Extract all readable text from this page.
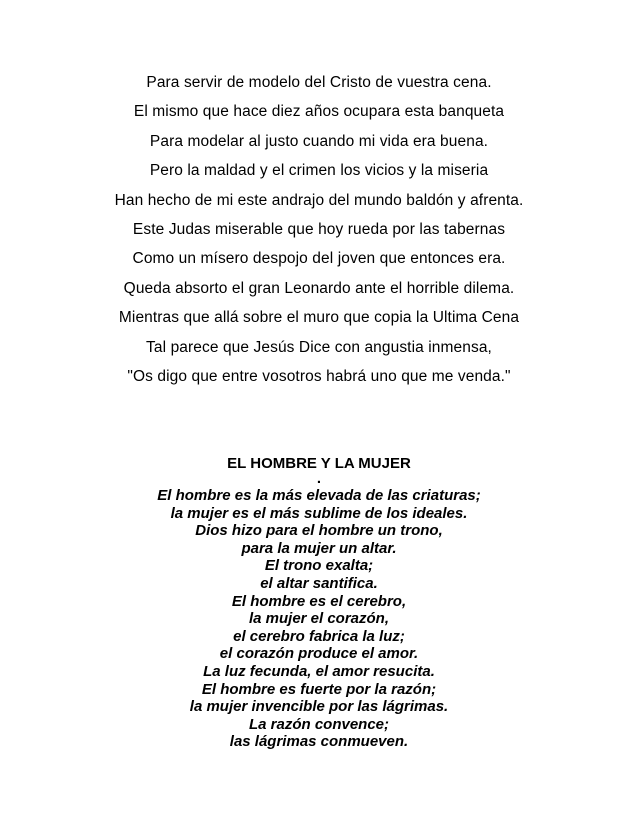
Para servir de modelo del Cristo de vuestra cena.
El mismo que hace diez años ocupara esta banqueta
Para modelar al justo cuando mi vida era buena.
Pero la maldad y el crimen los vicios y la miseria
Han hecho de mi este andrajo del mundo baldón y afrenta.
Este Judas miserable que hoy rueda por las tabernas
Como un mísero despojo del joven que entonces era.
Queda absorto el gran Leonardo ante el horrible dilema.
Mientras que allá sobre el muro que copia la Ultima Cena
Tal parece que Jesús Dice con angustia inmensa,
"Os digo que entre vosotros habrá uno que me venda."
EL HOMBRE Y LA MUJER
.
El hombre es la más elevada de las criaturas;
la mujer es el más sublime de los ideales.
Dios hizo para el hombre un trono,
para la mujer un altar.
El trono exalta;
el altar santifica.
El hombre es el cerebro,
la mujer el corazón,
el cerebro fabrica la luz;
el corazón produce el amor.
La luz fecunda, el amor resucita.
El hombre es fuerte por la razón;
la mujer invencible por las lágrimas.
La razón convence;
las lágrimas conmueven.
